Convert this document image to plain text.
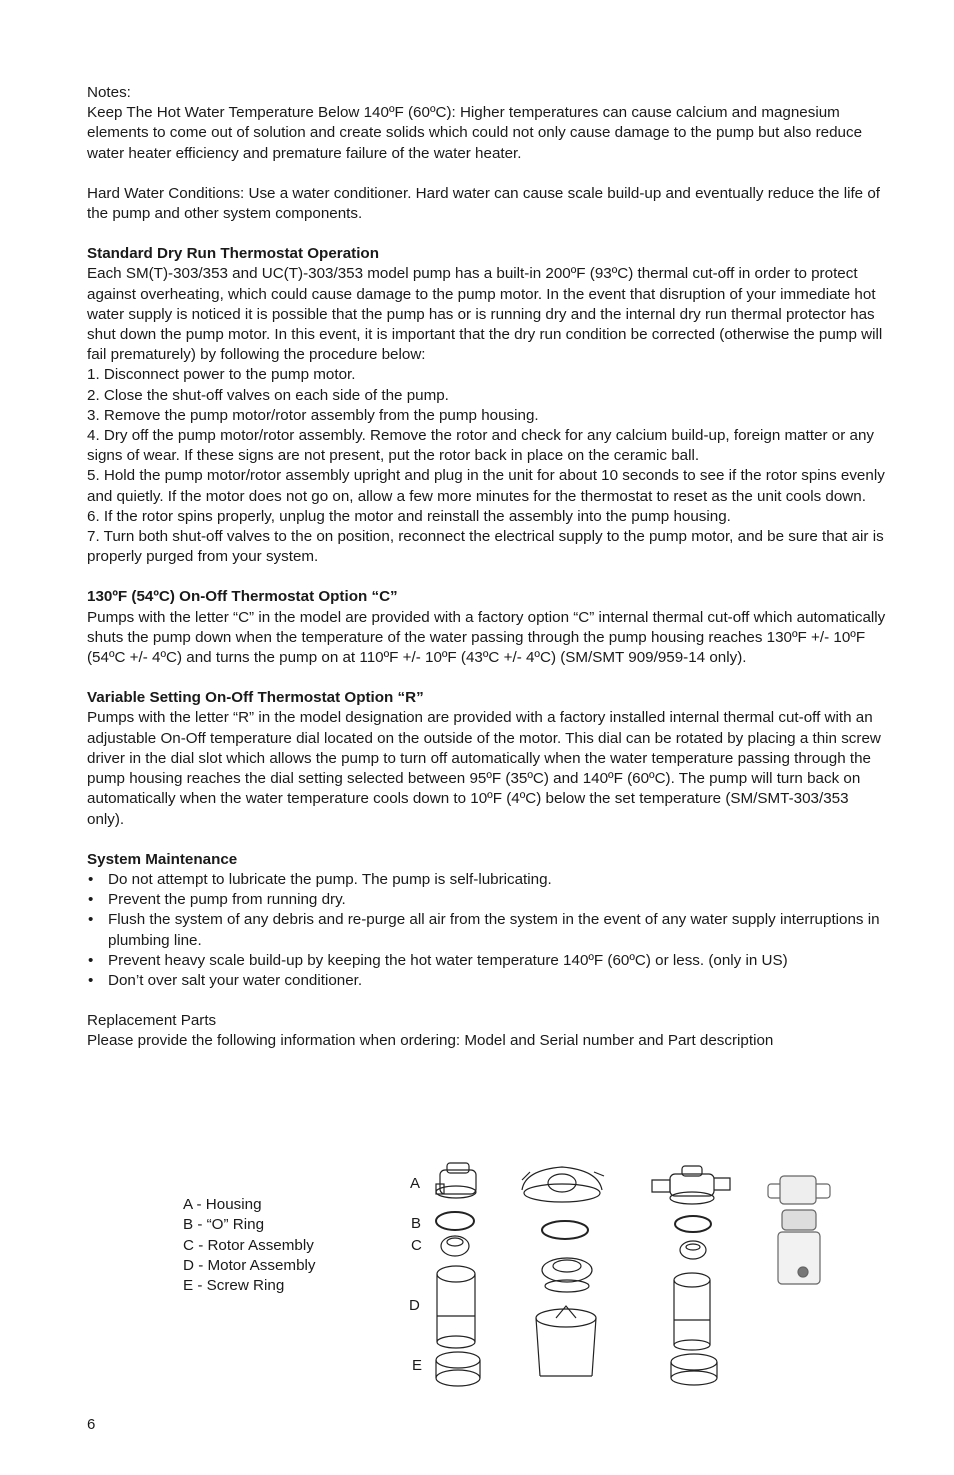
Notes:

Keep The Hot Water Temperature Below 140ºF (60ºC): Higher temperatures can cause calcium and magnesium elements to come out of solution and create solids which could not only cause damage to the pump but also reduce water heater efficiency and premature failure of the water heater.

Hard Water Conditions: Use a water conditioner. Hard water can cause scale build-up and eventually reduce the life of the pump and other system components.

Standard Dry Run Thermostat Operation

Each SM(T)-303/353 and UC(T)-303/353 model pump has a built-in 200ºF (93ºC) thermal cut-off in order to protect against overheating, which could cause damage to the pump motor. In the event that disruption of your immediate hot water supply is noticed it is possible that the pump has or is running dry and the internal dry run thermal protector has shut down the pump motor. In this event, it is important that the dry run condition be corrected (otherwise the pump will fail prematurely) by following the procedure below:

1. Disconnect power to the pump motor.
2. Close the shut-off valves on each side of the pump.
3. Remove the pump motor/rotor assembly from the pump housing.
4. Dry off the pump motor/rotor assembly. Remove the rotor and check for any calcium build-up, foreign matter or any signs of wear. If these signs are not present, put the rotor back in place on the ceramic ball.
5. Hold the pump motor/rotor assembly upright and plug in the unit for about 10 seconds to see if the rotor spins evenly and quietly. If the motor does not go on, allow a few more minutes for the thermostat to reset as the unit cools down.
6. If the rotor spins properly, unplug the motor and reinstall the assembly into the pump housing.
7. Turn both shut-off valves to the on position, reconnect the electrical supply to the pump motor, and be sure that air is properly purged from your system.

130ºF (54ºC) On-Off Thermostat Option “C”

Pumps with the letter “C” in the model are provided with a factory option “C” internal thermal cut-off which automatically shuts the pump down when the temperature of the water passing through the pump housing reaches 130ºF +/- 10ºF (54ºC +/- 4ºC) and turns the pump on at 110ºF +/- 10ºF (43ºC +/- 4ºC) (SM/SMT 909/959-14 only).

Variable Setting On-Off Thermostat Option “R”

Pumps with the letter “R” in the model designation are provided with a factory installed internal thermal cut-off with an adjustable On-Off temperature dial located on the outside of the motor. This dial can be rotated by placing a thin screw driver in the dial slot which allows the pump to turn off automatically when the water temperature passing through the pump housing reaches the dial setting selected between 95ºF (35ºC) and 140ºF (60ºC). The pump will turn back on automatically when the water temperature cools down to 10ºF (4ºC) below the set temperature (SM/SMT-303/353 only).

System Maintenance

• Do not attempt to lubricate the pump. The pump is self-lubricating.
• Prevent the pump from running dry.
• Flush the system of any debris and re-purge all air from the system in the event of any water supply interruptions in plumbing line.
• Prevent heavy scale build-up by keeping the hot water temperature 140ºF (60ºC) or less. (only in US)
• Don’t over salt your water conditioner.

Replacement Parts

Please provide the following information when ordering: Model and Serial number and Part description

A - Housing
B - “O” Ring
C - Rotor Assembly
D - Motor Assembly
E - Screw Ring
A
B
C
D
E
6
